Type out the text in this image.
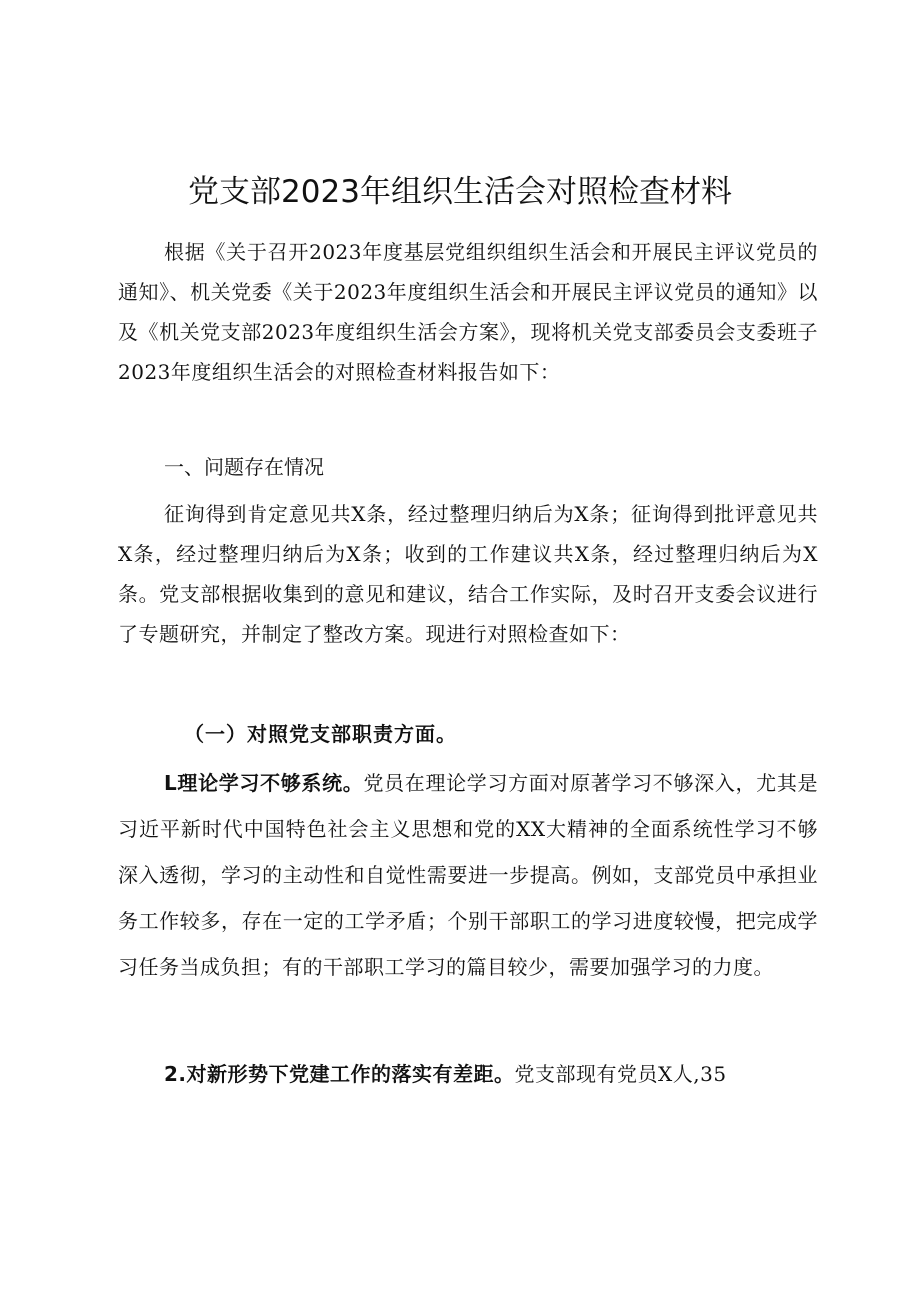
党支部2023年组织生活会对照检查材料

根据《关于召开2023年度基层党组织组织生活会和开展民主评议党员的通知》、机关党委《关于2023年度组织生活会和开展民主评议党员的通知》以及《机关党支部2023年度组织生活会方案》，现将机关党支部委员会支委班子2023年度组织生活会的对照检查材料报告如下：

一、问题存在情况

征询得到肯定意见共X条，经过整理归纳后为X条；征询得到批评意见共X条，经过整理归纳后为X条；收到的工作建议共X条，经过整理归纳后为X条。党支部根据收集到的意见和建议，结合工作实际，及时召开支委会议进行了专题研究，并制定了整改方案。现进行对照检查如下：

（一）对照党支部职责方面。

L理论学习不够系统。党员在理论学习方面对原著学习不够深入，尤其是习近平新时代中国特色社会主义思想和党的XX大精神的全面系统性学习不够深入透彻，学习的主动性和自觉性需要进一步提高。例如，支部党员中承担业务工作较多，存在一定的工学矛盾；个别干部职工的学习进度较慢，把完成学习任务当成负担；有的干部职工学习的篇目较少，需要加强学习的力度。

2.对新形势下党建工作的落实有差距。党支部现有党员X人,35
